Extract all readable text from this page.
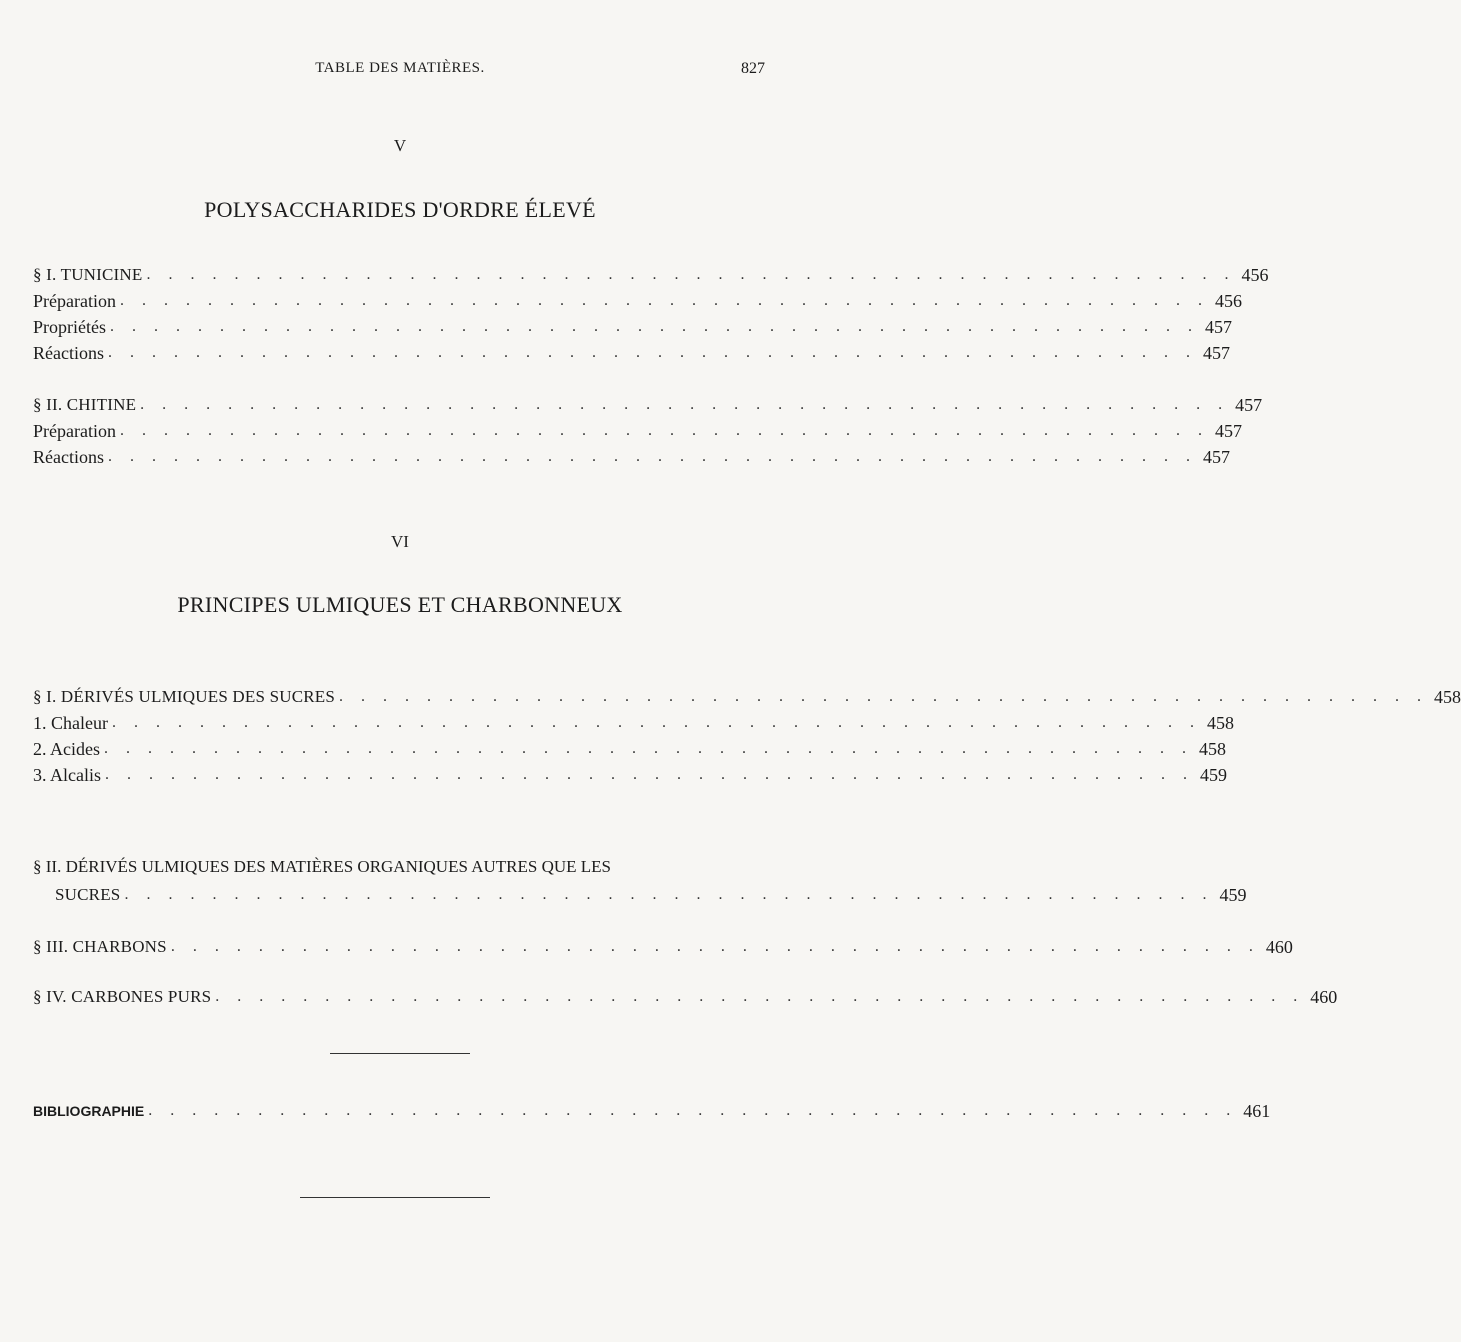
TABLE DES MATIÈRES.	827
V
POLYSACCHARIDES D'ORDRE ÉLEVÉ
§ I. TUNICINE . . . . . . . . . . . . . . . . . . . . . . . . . . . . . . . . . . . . . . . . . . . . . . . . . . 456
Préparation . . . . . . . . . . . . . . . . . . . . . . . . . . . . . . . . . . . . . . . . . . . . . . . . . . 456
Propriétés . . . . . . . . . . . . . . . . . . . . . . . . . . . . . . . . . . . . . . . . . . . . . . . . . . 457
Réactions . . . . . . . . . . . . . . . . . . . . . . . . . . . . . . . . . . . . . . . . . . . . . . . . . . 457
§ II. CHITINE . . . . . . . . . . . . . . . . . . . . . . . . . . . . . . . . . . . . . . . . . . . . . . . . . . 457
Préparation . . . . . . . . . . . . . . . . . . . . . . . . . . . . . . . . . . . . . . . . . . . . . . . . . . 457
Réactions . . . . . . . . . . . . . . . . . . . . . . . . . . . . . . . . . . . . . . . . . . . . . . . . . . 457
VI
PRINCIPES ULMIQUES ET CHARBONNEUX
§ I. DÉRIVÉS ULMIQUES DES SUCRES . . . . . . . . . . . . . . . . . . . . . . . . . . . . . . . . . . . . . . . . . . . . . . . . . . 458
1. Chaleur . . . . . . . . . . . . . . . . . . . . . . . . . . . . . . . . . . . . . . . . . . . . . . . . . . 458
2. Acides . . . . . . . . . . . . . . . . . . . . . . . . . . . . . . . . . . . . . . . . . . . . . . . . . . 458
3. Alcalis . . . . . . . . . . . . . . . . . . . . . . . . . . . . . . . . . . . . . . . . . . . . . . . . . . 459
§ II. DÉRIVÉS ULMIQUES DES MATIÈRES ORGANIQUES AUTRES QUE LES
SUCRES . . . . . . . . . . . . . . . . . . . . . . . . . . . . . . . . . . . . . . . . . . . . . . . . . . 459
§ III. CHARBONS . . . . . . . . . . . . . . . . . . . . . . . . . . . . . . . . . . . . . . . . . . . . . . . . . . 460
§ IV. CARBONES PURS . . . . . . . . . . . . . . . . . . . . . . . . . . . . . . . . . . . . . . . . . . . . . . . . . . 460
BIBLIOGRAPHIE . . . . . . . . . . . . . . . . . . . . . . . . . . . . . . . . . . . . . . . . . . . . . . . . . . 461
